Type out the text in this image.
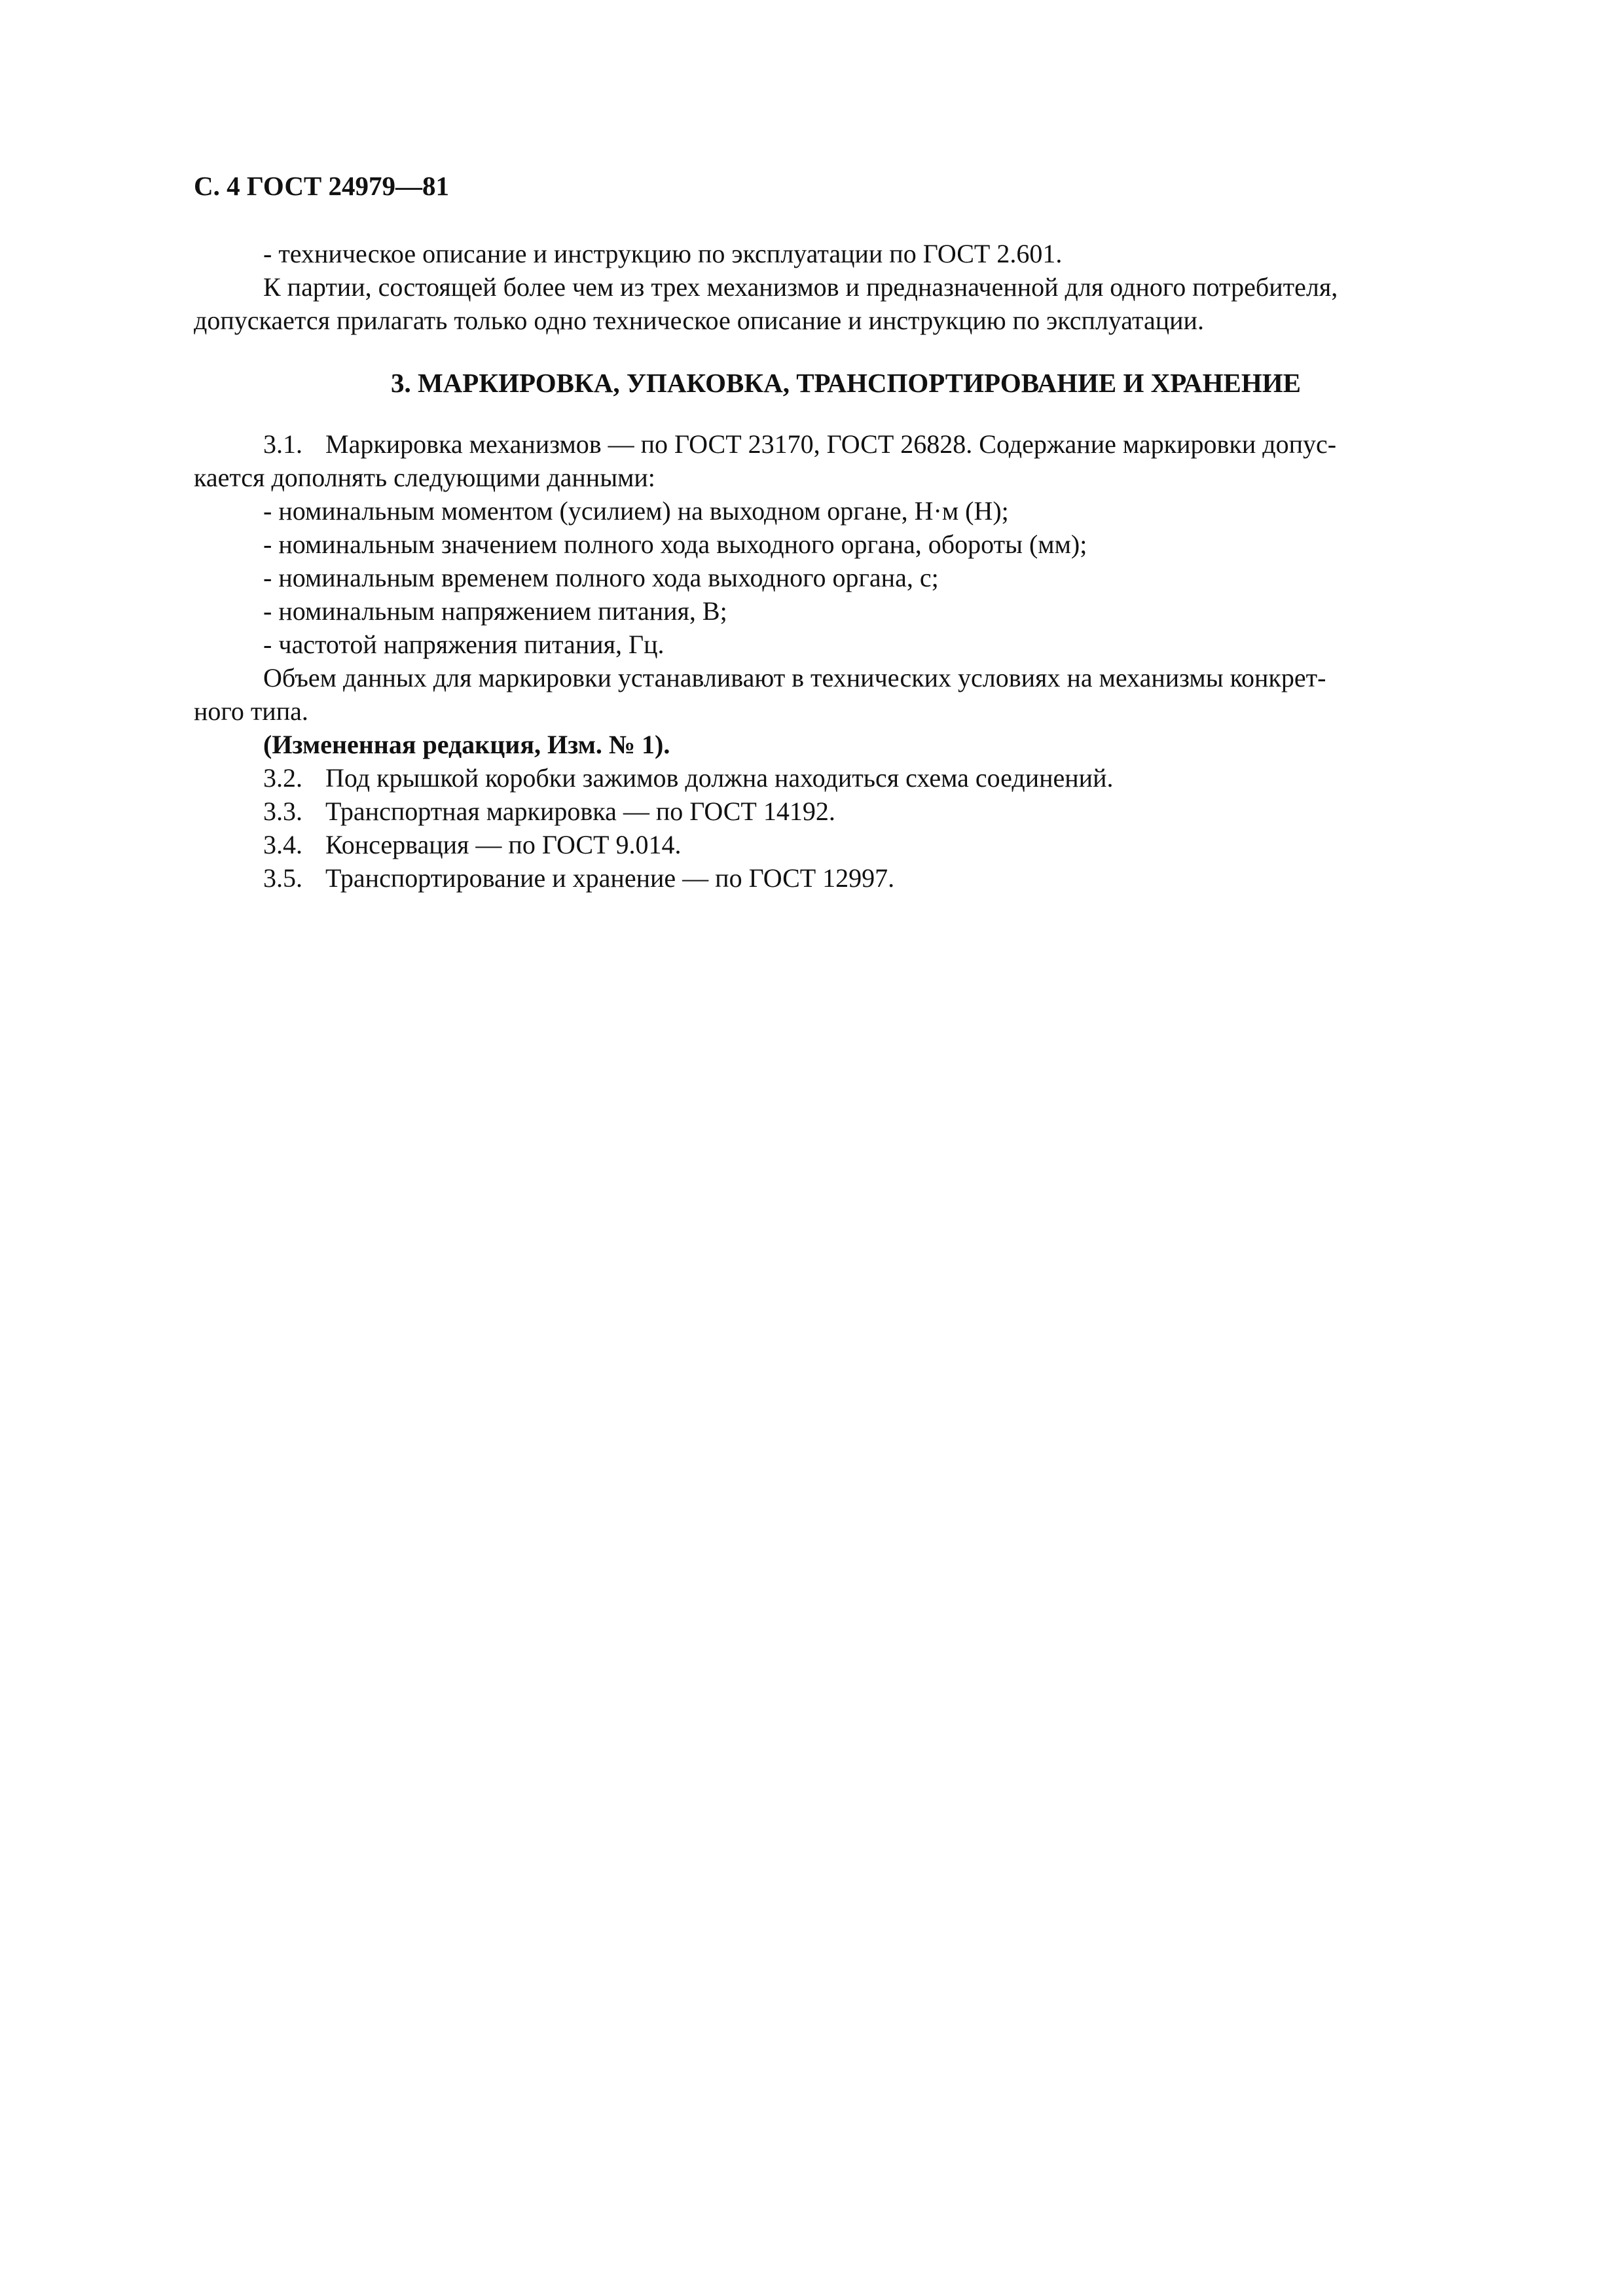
С. 4 ГОСТ 24979—81

- техническое описание и инструкцию по эксплуатации по ГОСТ 2.601.

К партии, состоящей более чем из трех механизмов и предназначенной для одного потребителя,

допускается прилагать только одно техническое описание и инструкцию по эксплуатации.

3. МАРКИРОВКА, УПАКОВКА, ТРАНСПОРТИРОВАНИЕ И ХРАНЕНИЕ

3.1. Маркировка механизмов — по ГОСТ 23170, ГОСТ 26828. Содержание маркировки допус-

кается дополнять следующими данными:

- номинальным моментом (усилием) на выходном органе, Н·м (Н);

- номинальным значением полного хода выходного органа, обороты (мм);

- номинальным временем полного хода выходного органа, с;

- номинальным напряжением питания, В;

- частотой напряжения питания, Гц.

Объем данных для маркировки устанавливают в технических условиях на механизмы конкрет-

ного типа.

(Измененная редакция, Изм. № 1).

3.2. Под крышкой коробки зажимов должна находиться схема соединений.

3.3. Транспортная маркировка — по ГОСТ 14192.

3.4. Консервация — по ГОСТ 9.014.

3.5. Транспортирование и хранение — по ГОСТ 12997.
